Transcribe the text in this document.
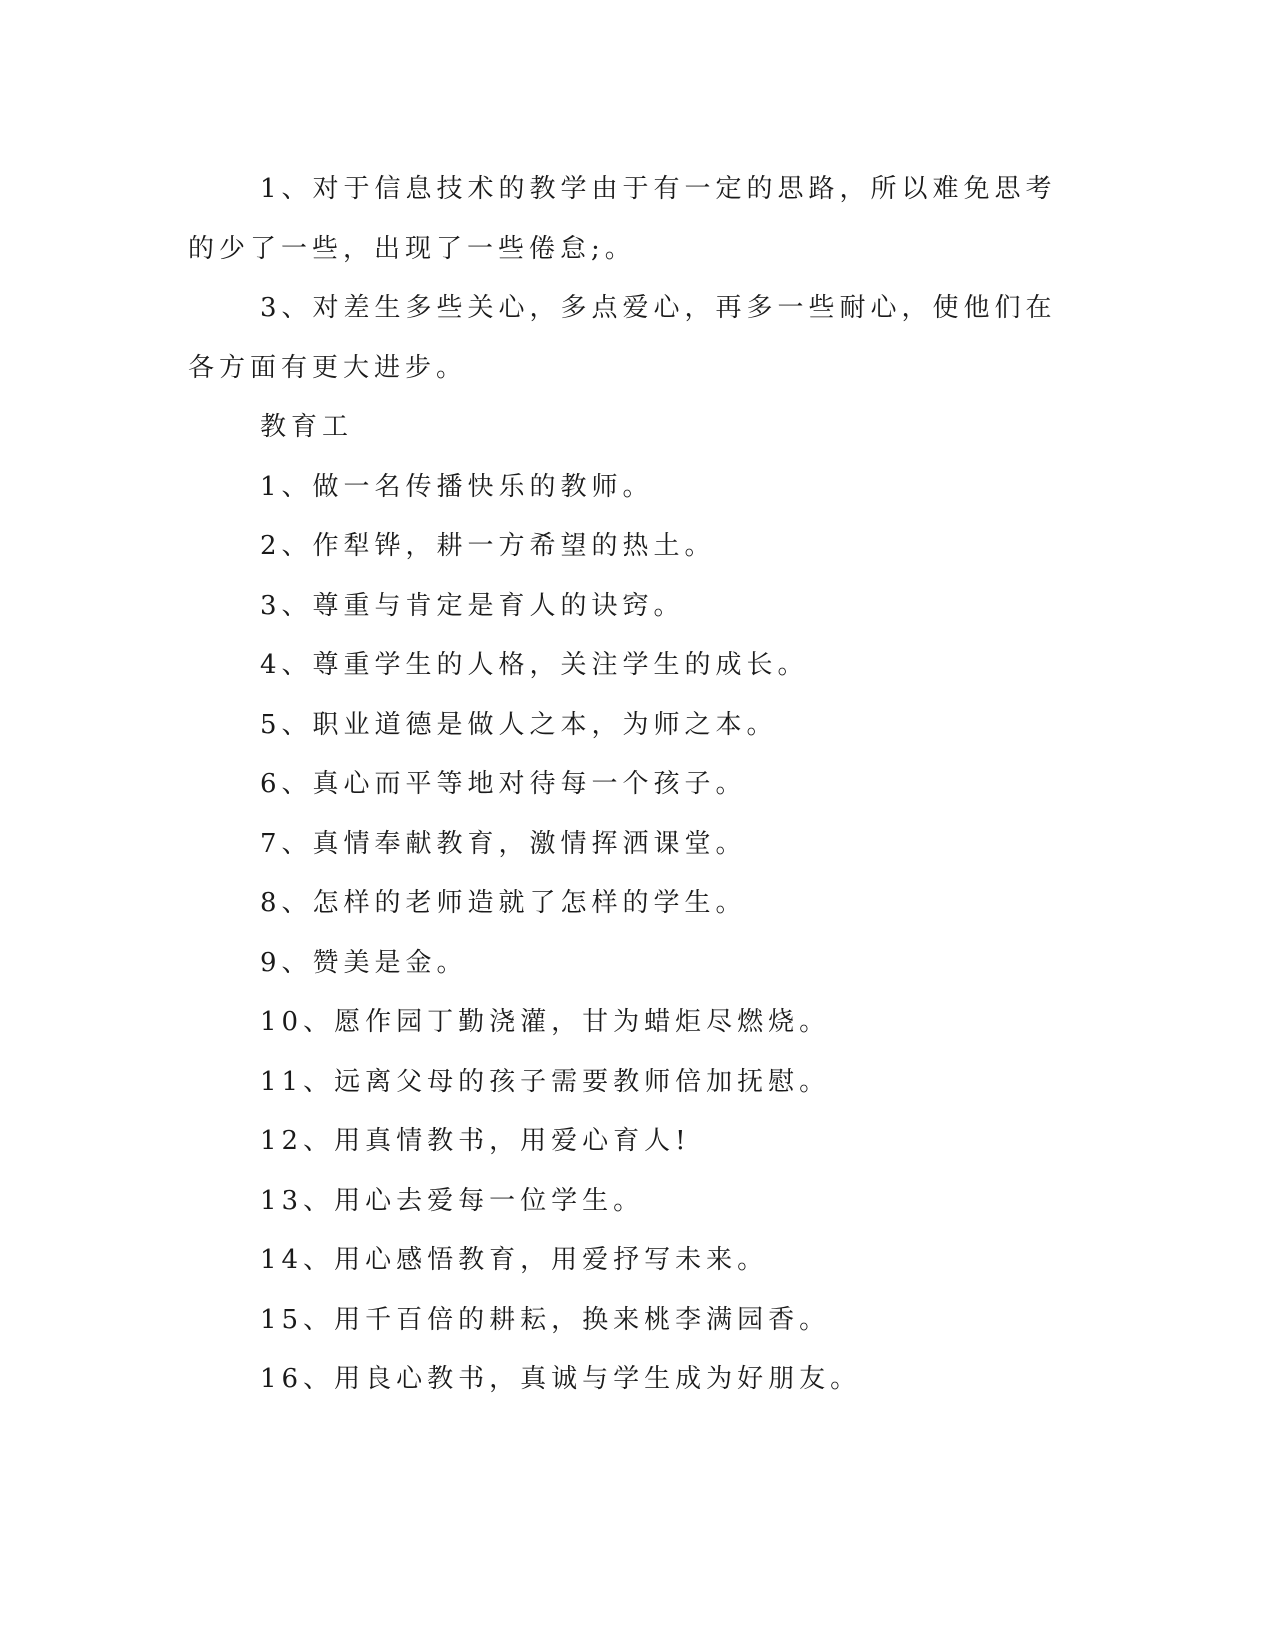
1、对于信息技术的教学由于有一定的思路，所以难免思考的少了一些，出现了一些倦怠;。

3、对差生多些关心，多点爱心，再多一些耐心，使他们在各方面有更大进步。

教育工

1、做一名传播快乐的教师。

2、作犁铧，耕一方希望的热土。

3、尊重与肯定是育人的诀窍。

4、尊重学生的人格，关注学生的成长。

5、职业道德是做人之本，为师之本。

6、真心而平等地对待每一个孩子。

7、真情奉献教育，激情挥洒课堂。

8、怎样的老师造就了怎样的学生。

9、赞美是金。

10、愿作园丁勤浇灌，甘为蜡炬尽燃烧。

11、远离父母的孩子需要教师倍加抚慰。

12、用真情教书，用爱心育人!

13、用心去爱每一位学生。

14、用心感悟教育，用爱抒写未来。

15、用千百倍的耕耘，换来桃李满园香。

16、用良心教书，真诚与学生成为好朋友。
